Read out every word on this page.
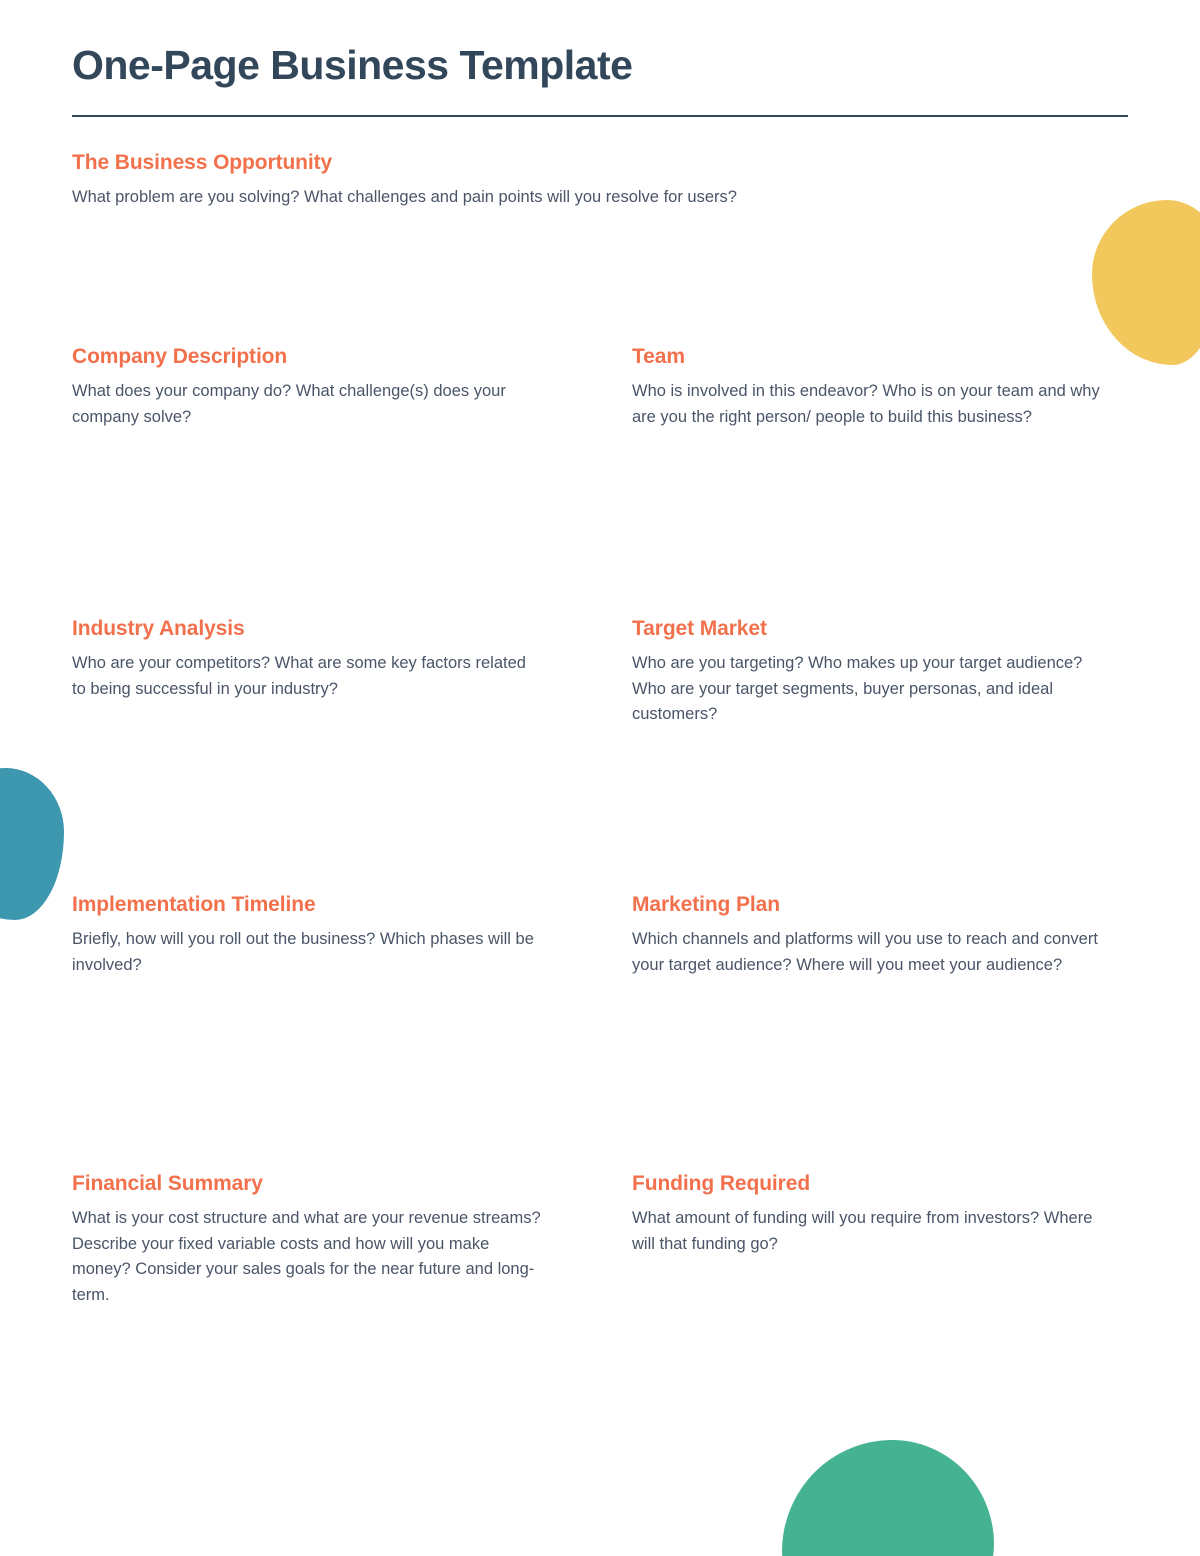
One-Page Business Template
The Business Opportunity

What problem are you solving? What challenges and pain points will you resolve for users?

Company Description

What does your company do? What challenge(s) does your company solve?

Team

Who is involved in this endeavor? Who is on your team and why are you the right person/ people to build this business?

Industry Analysis

Who are your competitors? What are some key factors related to being successful in your industry?

Target Market

Who are you targeting? Who makes up your target audience? Who are your target segments, buyer personas, and ideal customers?

Implementation Timeline

Briefly, how will you roll out the business? Which phases will be involved?

Marketing Plan

Which channels and platforms will you use to reach and convert your target audience? Where will you meet your audience?

Financial Summary

What is your cost structure and what are your revenue streams? Describe your fixed variable costs and how will you make money? Consider your sales goals for the near future and long-term.

Funding Required

What amount of funding will you require from investors? Where will that funding go?
